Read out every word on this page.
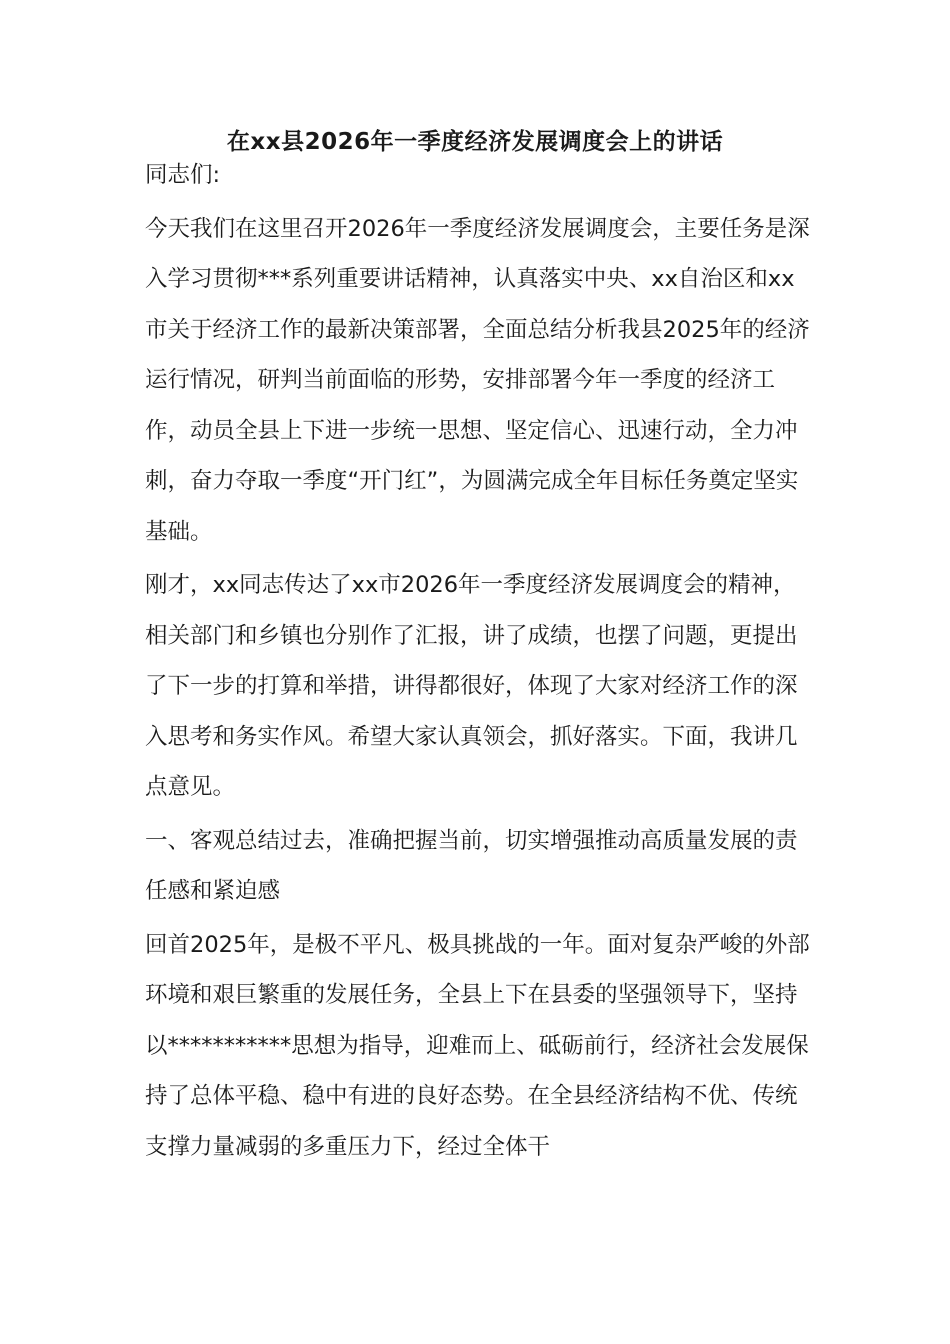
在xx县2026年一季度经济发展调度会上的讲话

同志们:

今天我们在这里召开2026年一季度经济发展调度会，主要任务是深入学习贯彻***系列重要讲话精神，认真落实中央、xx自治区和xx市关于经济工作的最新决策部署，全面总结分析我县2025年的经济运行情况，研判当前面临的形势，安排部署今年一季度的经济工作，动员全县上下进一步统一思想、坚定信心、迅速行动，全力冲刺，奋力夺取一季度“开门红”，为圆满完成全年目标任务奠定坚实基础。

刚才，xx同志传达了xx市2026年一季度经济发展调度会的精神，相关部门和乡镇也分别作了汇报，讲了成绩，也摆了问题，更提出了下一步的打算和举措，讲得都很好，体现了大家对经济工作的深入思考和务实作风。希望大家认真领会，抓好落实。下面，我讲几点意见。

一、客观总结过去，准确把握当前，切实增强推动高质量发展的责任感和紧迫感

回首2025年，是极不平凡、极具挑战的一年。面对复杂严峻的外部环境和艰巨繁重的发展任务，全县上下在县委的坚强领导下，坚持以***********思想为指导，迎难而上、砥砺前行，经济社会发展保持了总体平稳、稳中有进的良好态势。在全县经济结构不优、传统支撑力量减弱的多重压力下，经过全体干
